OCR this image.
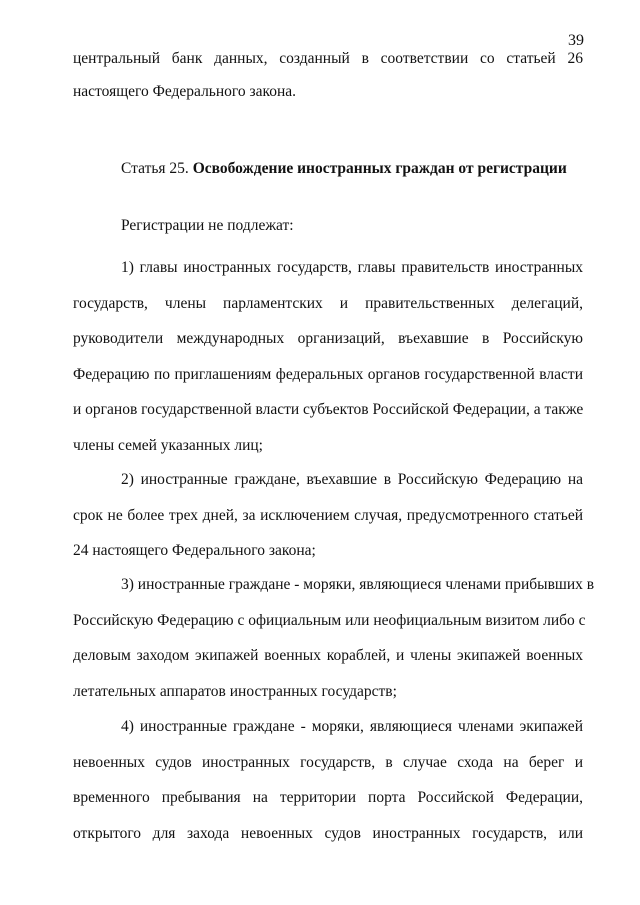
39
центральный банк данных, созданный в соответствии со статьей 26
настоящего Федерального закона.
Статья 25. Освобождение иностранных граждан от регистрации
Регистрации не подлежат:
1) главы иностранных государств, главы правительств иностранных
государств, члены парламентских и правительственных делегаций,
руководители международных организаций, въехавшие в Российскую
Федерацию по приглашениям федеральных органов государственной власти
и органов государственной власти субъектов Российской Федерации, а также
члены семей указанных лиц;
2) иностранные граждане, въехавшие в Российскую Федерацию на
срок не более трех дней, за исключением случая, предусмотренного статьей
24 настоящего Федерального закона;
3) иностранные граждане - моряки, являющиеся членами прибывших в
Российскую Федерацию с официальным или неофициальным визитом либо с
деловым заходом экипажей военных кораблей, и члены экипажей военных
летательных аппаратов иностранных государств;
4) иностранные граждане - моряки, являющиеся членами экипажей
невоенных судов иностранных государств, в случае схода на берег и
временного пребывания на территории порта Российской Федерации,
открытого для захода невоенных судов иностранных государств, или
